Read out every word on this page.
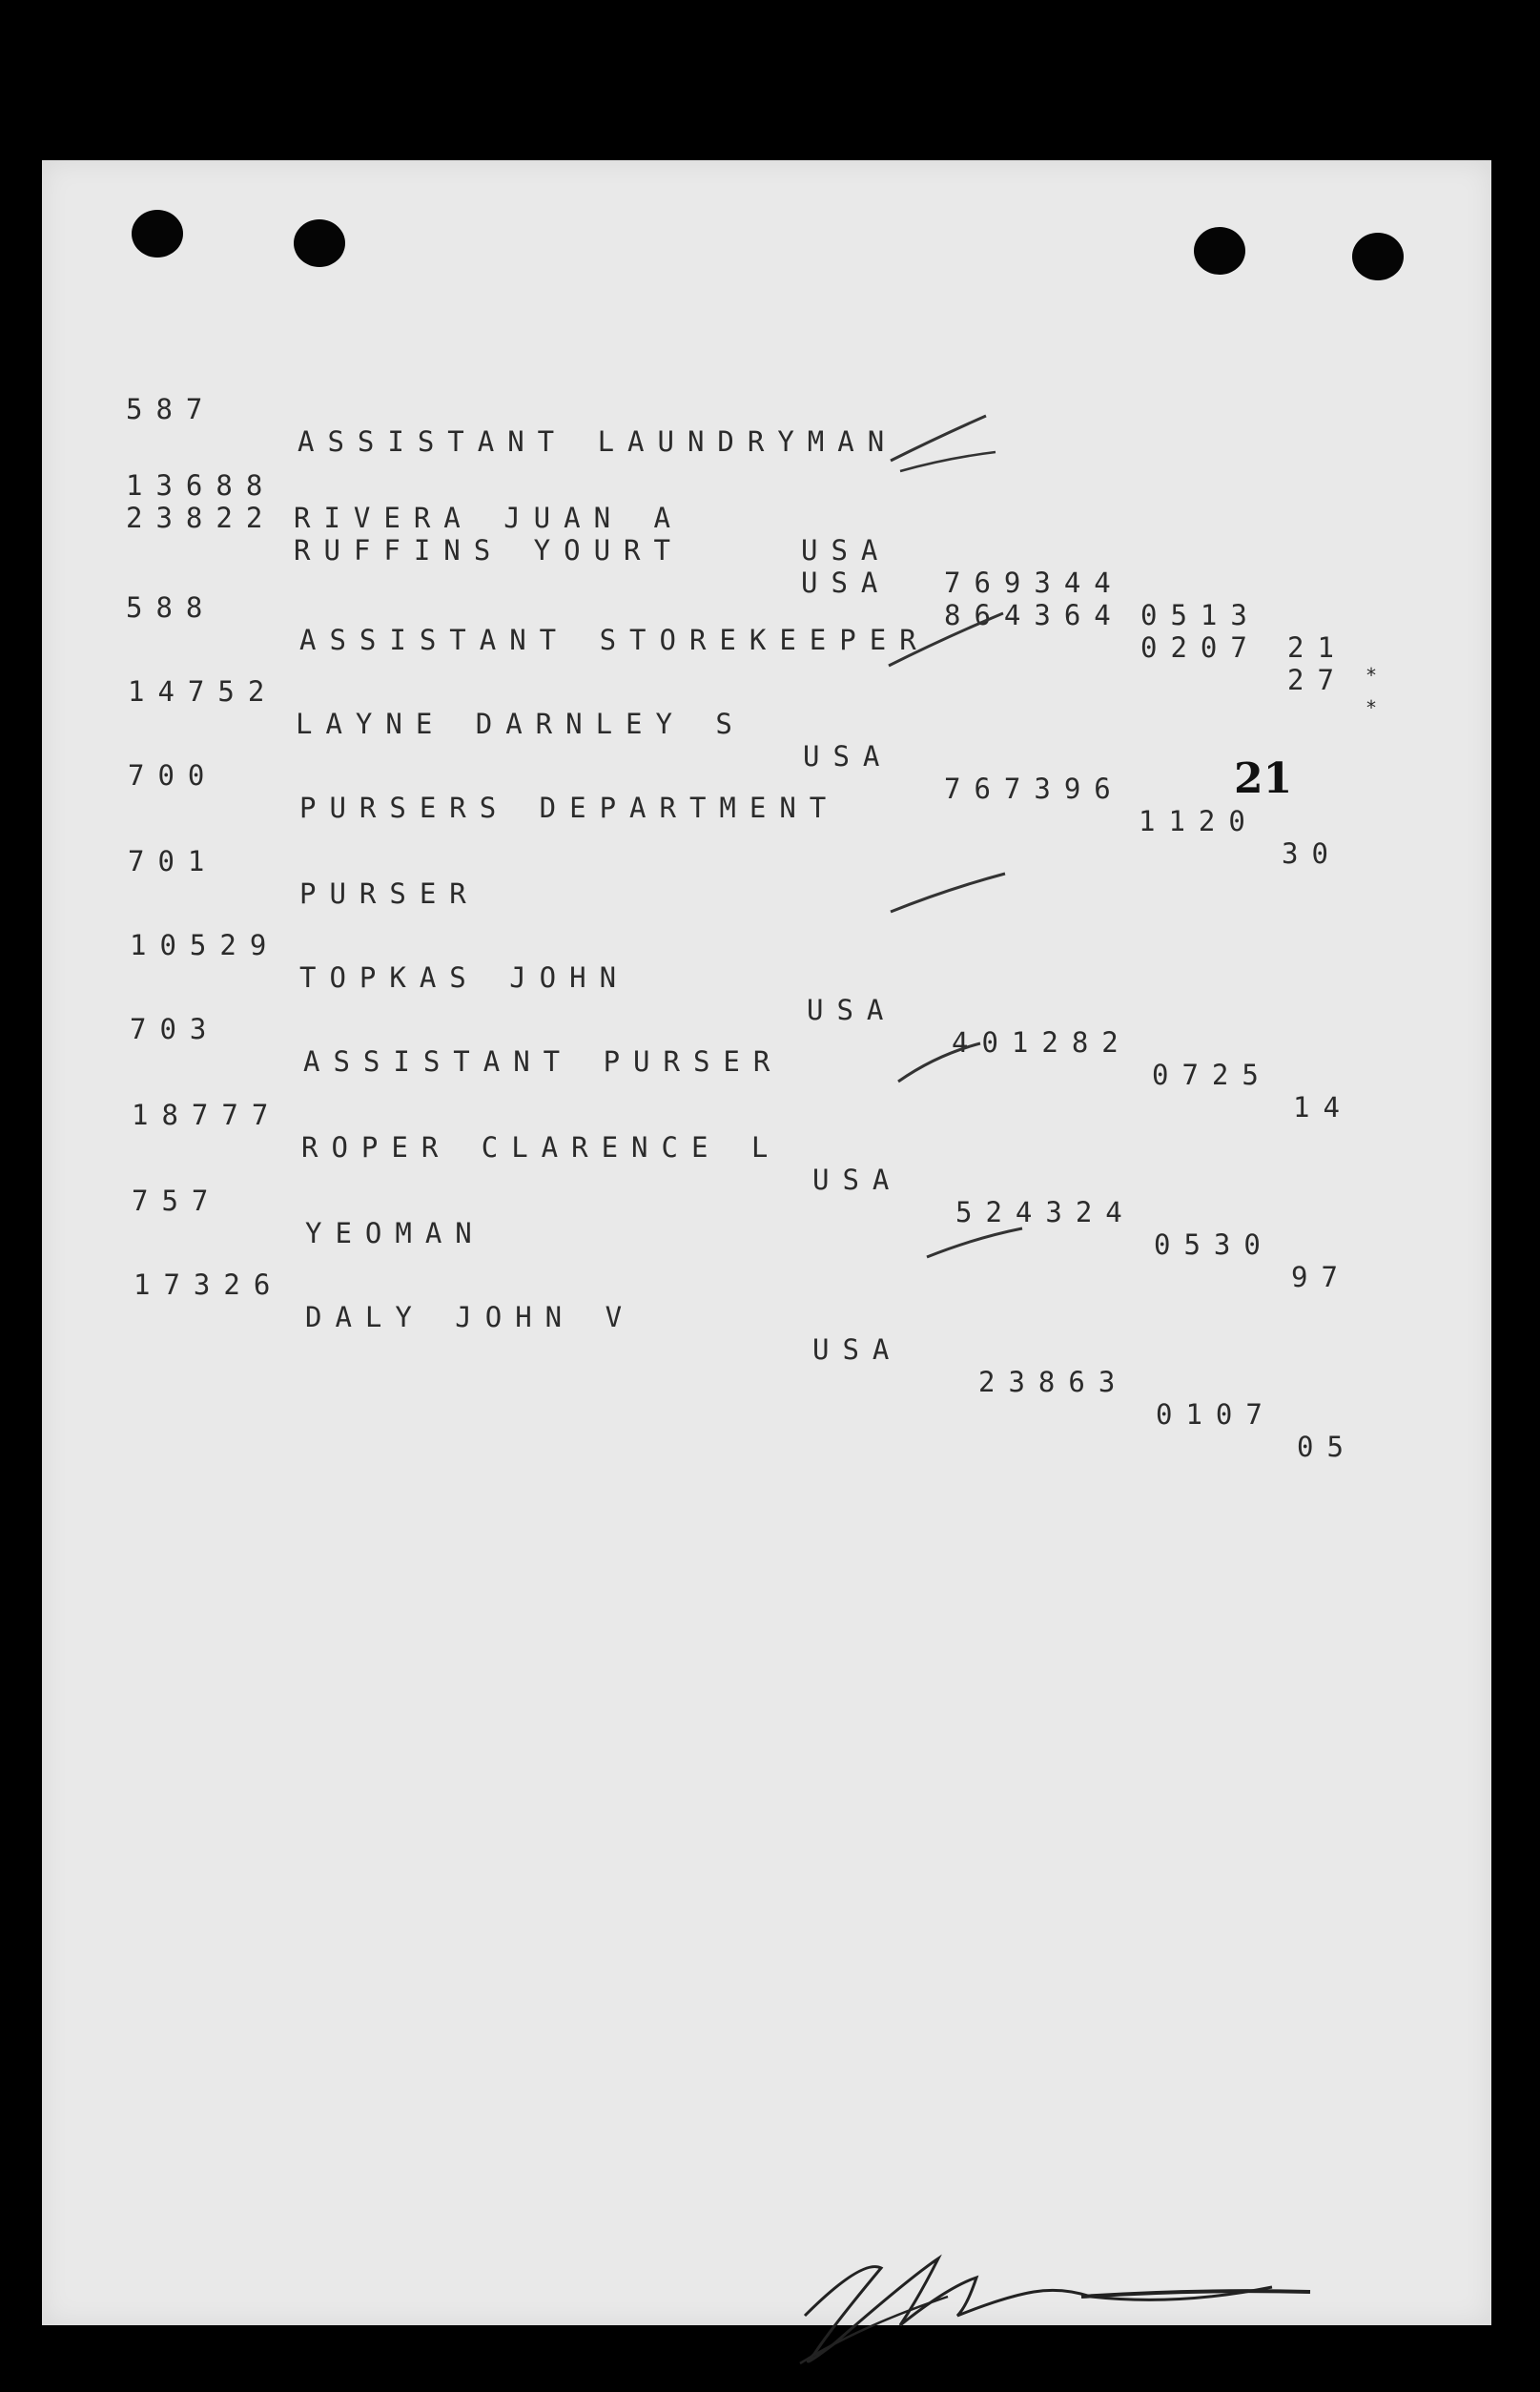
587

ASSISTANT LAUNDRYMAN

13688

RIVERA JUAN A

USA

769344

0513

21

*

23822

RUFFINS YOURT

USA

864364

0207

27

*

588

ASSISTANT STOREKEEPER

14752

LAYNE DARNLEY S

USA

767396

1120

30

700

PURSERS DEPARTMENT

701

PURSER

10529

TOPKAS JOHN

USA

401282

0725

14

703

ASSISTANT PURSER

18777

ROPER CLARENCE L

USA

524324

0530

97

757

YEOMAN

17326

DALY JOHN V

USA

23863

0107

05

21
